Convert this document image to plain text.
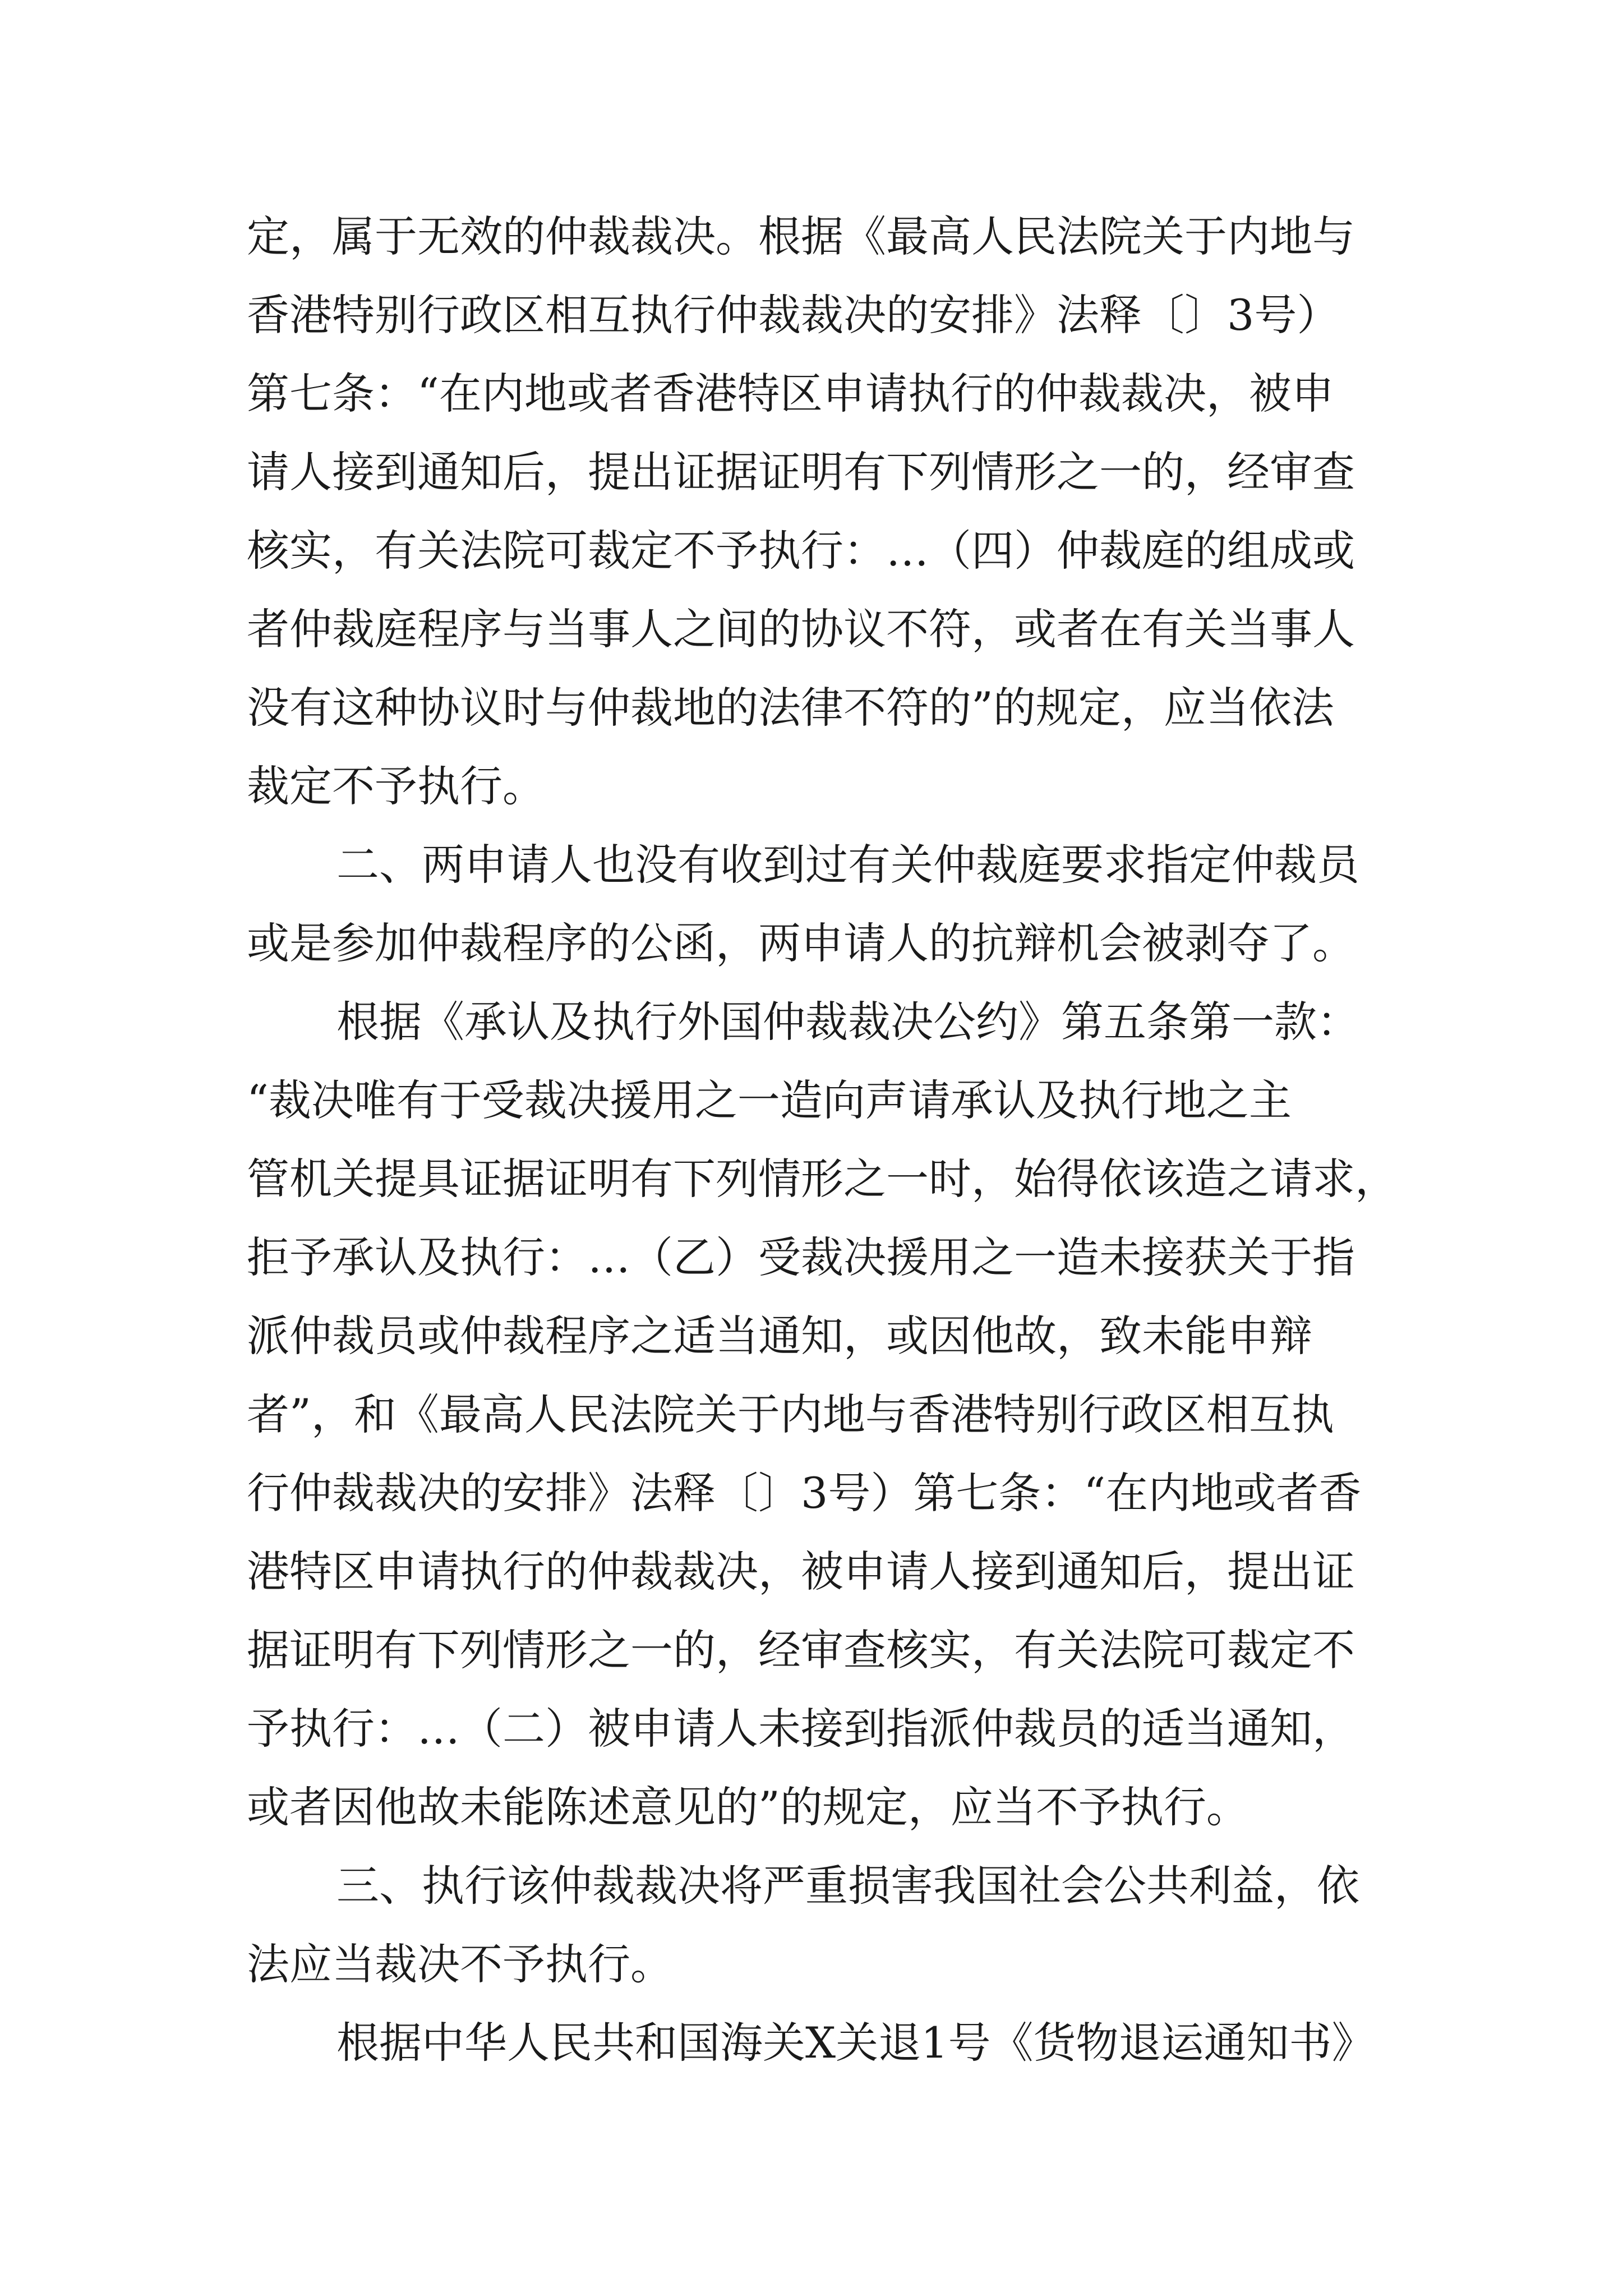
定，属于无效的仲裁裁决。根据《最高人民法院关于内地与
香港特别行政区相互执行仲裁裁决的安排》法释〔〕3号）
第七条：“在内地或者香港特区申请执行的仲裁裁决，被申
请人接到通知后，提出证据证明有下列情形之一的，经审查
核实，有关法院可裁定不予执行：…（四）仲裁庭的组成或
者仲裁庭程序与当事人之间的协议不符，或者在有关当事人
没有这种协议时与仲裁地的法律不符的”的规定，应当依法
裁定不予执行。
二、两申请人也没有收到过有关仲裁庭要求指定仲裁员
或是参加仲裁程序的公函，两申请人的抗辩机会被剥夺了。
根据《承认及执行外国仲裁裁决公约》第五条第一款：
“裁决唯有于受裁决援用之一造向声请承认及执行地之主
管机关提具证据证明有下列情形之一时，始得依该造之请求，
拒予承认及执行：…（乙）受裁决援用之一造未接获关于指
派仲裁员或仲裁程序之适当通知，或因他故，致未能申辩
者”，和《最高人民法院关于内地与香港特别行政区相互执
行仲裁裁决的安排》法释〔〕3号）第七条：“在内地或者香
港特区申请执行的仲裁裁决，被申请人接到通知后，提出证
据证明有下列情形之一的，经审查核实，有关法院可裁定不
予执行：…（二）被申请人未接到指派仲裁员的适当通知，
或者因他故未能陈述意见的”的规定，应当不予执行。
三、执行该仲裁裁决将严重损害我国社会公共利益，依
法应当裁决不予执行。
根据中华人民共和国海关X关退1号《货物退运通知书》
